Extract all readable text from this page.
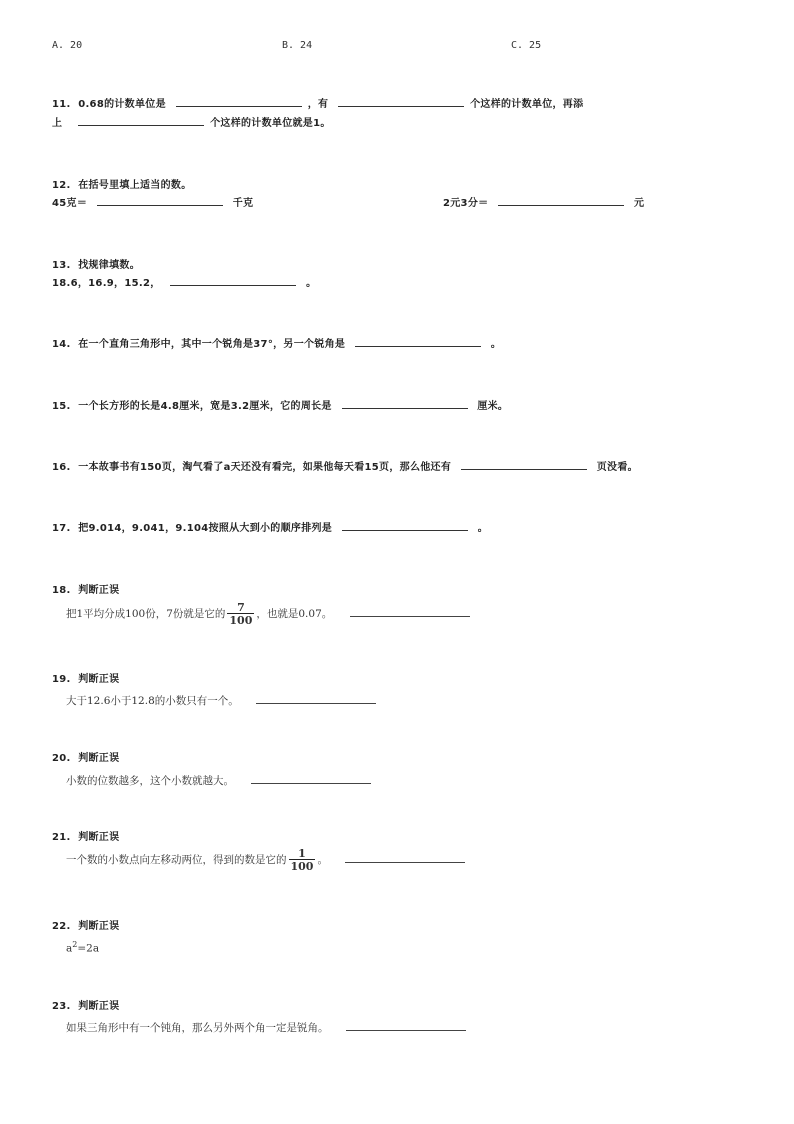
A. 20	B. 24	C. 25
11. 0.68的计数单位是	，有	个这样的计数单位，再添
上	个这样的计数单位就是1。
12. 在括号里填上适当的数。
45克＝	千克	2元3分＝	元
13. 找规律填数。
18.6，16.9，15.2，	。
14. 在一个直角三角形中，其中一个锐角是37°，另一个锐角是	。
15. 一个长方形的长是4.8厘米，宽是3.2厘米，它的周长是	厘米。
16. 一本故事书有150页，淘气看了a天还没有看完，如果他每天看15页，那么他还有	页没看。
17. 把9.014，9.041，9.104按照从大到小的顺序排列是	。
18. 判断正误
把1平均分成100份，7份就是它的 $\frac{7}{100}$ ，也就是0.07。
19. 判断正误
大于12.6小于12.8的小数只有一个。
20. 判断正误
小数的位数越多，这个小数就越大。
21. 判断正误
一个数的小数点向左移动两位，得到的数是它的 $\frac{1}{100}$ 。
22. 判断正误
$a^2=2a$
23. 判断正误
如果三角形中有一个钝角，那么另外两个角一定是锐角。
